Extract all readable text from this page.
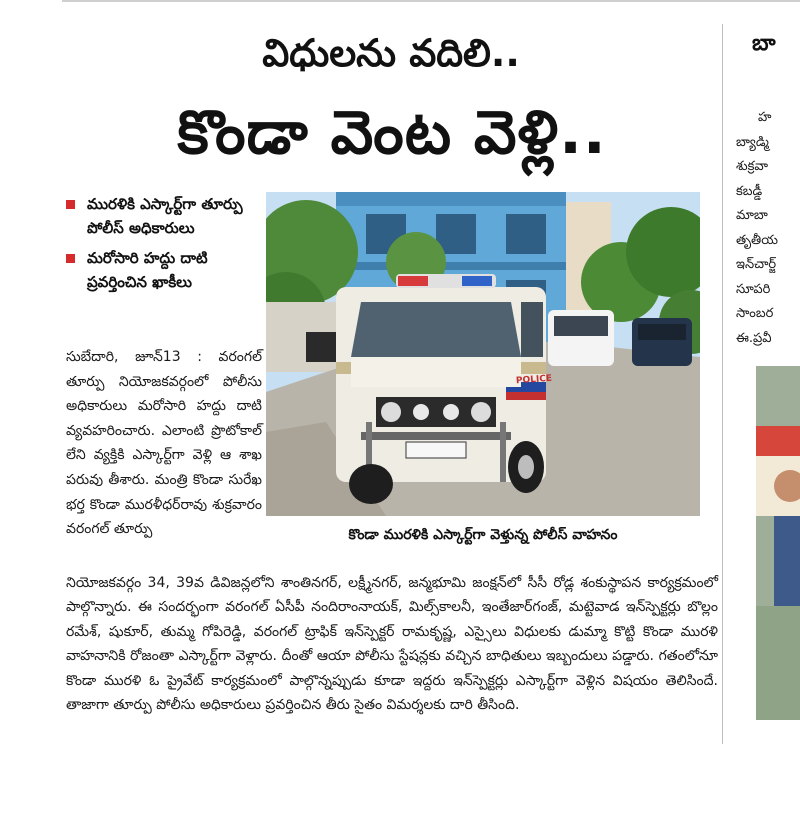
విధులను వదిలి..
కొండా వెంట వెళ్లి..
మురళికి ఎస్కార్ట్‌గా తూర్పు పోలీస్ అధికారులు
మరోసారి హద్దు దాటి ప్రవర్తించిన ఖాకీలు
POLICE
కొండా మురళికి ఎస్కార్ట్‌గా వెళ్తున్న పోలీస్ వాహనం
సుబేదారి, జూన్13 : వరంగల్ తూర్పు నియోజకవర్గంలో పోలీసు అధికారులు మరోసారి హద్దు దాటి వ్యవహరించారు. ఎలాంటి ప్రొటోకాల్ లేని వ్యక్తికి ఎస్కార్ట్‌గా వెళ్లి ఆ శాఖ పరువు తీశారు. మంత్రి కొండా సురేఖ భర్త కొండా మురళీధర్‌రావు శుక్రవారం వరంగల్ తూర్పు
నియోజకవర్గం 34, 39వ డివిజన్లలోని శాంతినగర్, లక్ష్మీనగర్, జన్మభూమి జంక్షన్‌లో సీసీ రోడ్ల శంకుస్థాపన కార్యక్రమంలో పాల్గొన్నారు. ఈ సందర్భంగా వరంగల్ ఏసీపీ నందిరాంనాయక్, మిల్స్‌కాలనీ, ఇంతేజార్‌గంజ్, మట్టెవాడ ఇన్‌స్పెక్టర్లు బొల్లం రమేశ్, షుకూర్, తుమ్మ గోపిరెడ్డి, వరంగల్ ట్రాఫిక్ ఇన్‌స్పెక్టర్ రామకృష్ణ, ఎస్సైలు విధులకు డుమ్మా కొట్టి కొండా మురళి వాహనానికి రోజంతా ఎస్కార్ట్‌గా వెళ్లారు. దీంతో ఆయా పోలీసు స్టేషన్లకు వచ్చిన బాధితులు ఇబ్బందులు పడ్డారు. గతంలోనూ కొండా మురళి ఓ ప్రైవేట్ కార్యక్రమంలో పాల్గొన్నప్పుడు కూడా ఇద్దరు ఇన్‌స్పెక్టర్లు ఎస్కార్ట్‌గా వెళ్లిన విషయం తెలిసిందే. తాజాగా తూర్పు పోలీసు అధికారులు ప్రవర్తించిన తీరు సైతం విమర్శలకు దారి తీసింది.
బా
హ
బ్యాడ్మి
శుక్రవా
కబడ్డీ
మాబా
తృతీయ
ఇన్‌చార్జ్
సూపరి
సాంబర
ఈ.ప్రవీ
